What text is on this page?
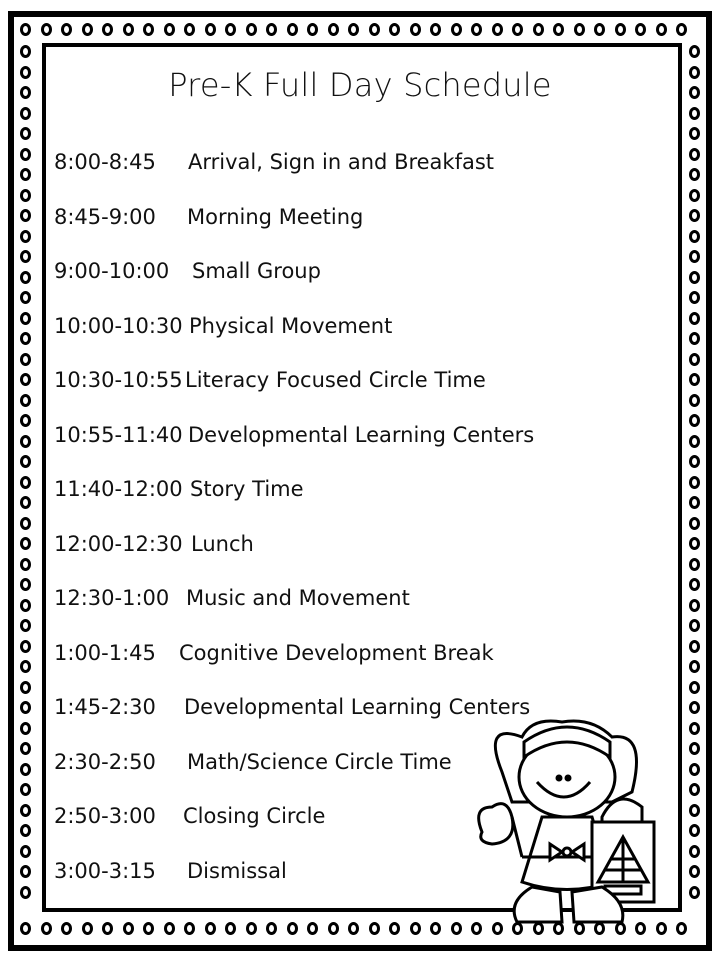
Pre-K Full Day Schedule
8:00-8:45 Arrival, Sign in and Breakfast
8:45-9:00 Morning Meeting
9:00-10:00 Small Group
10:00-10:30 Physical Movement
10:30-10:55 Literacy Focused Circle Time
10:55-11:40 Developmental Learning Centers
11:40-12:00 Story Time
12:00-12:30 Lunch
12:30-1:00 Music and Movement
1:00-1:45 Cognitive Development Break
1:45-2:30 Developmental Learning Centers
2:30-2:50 Math/Science Circle Time
2:50-3:00 Closing Circle
3:00-3:15 Dismissal
